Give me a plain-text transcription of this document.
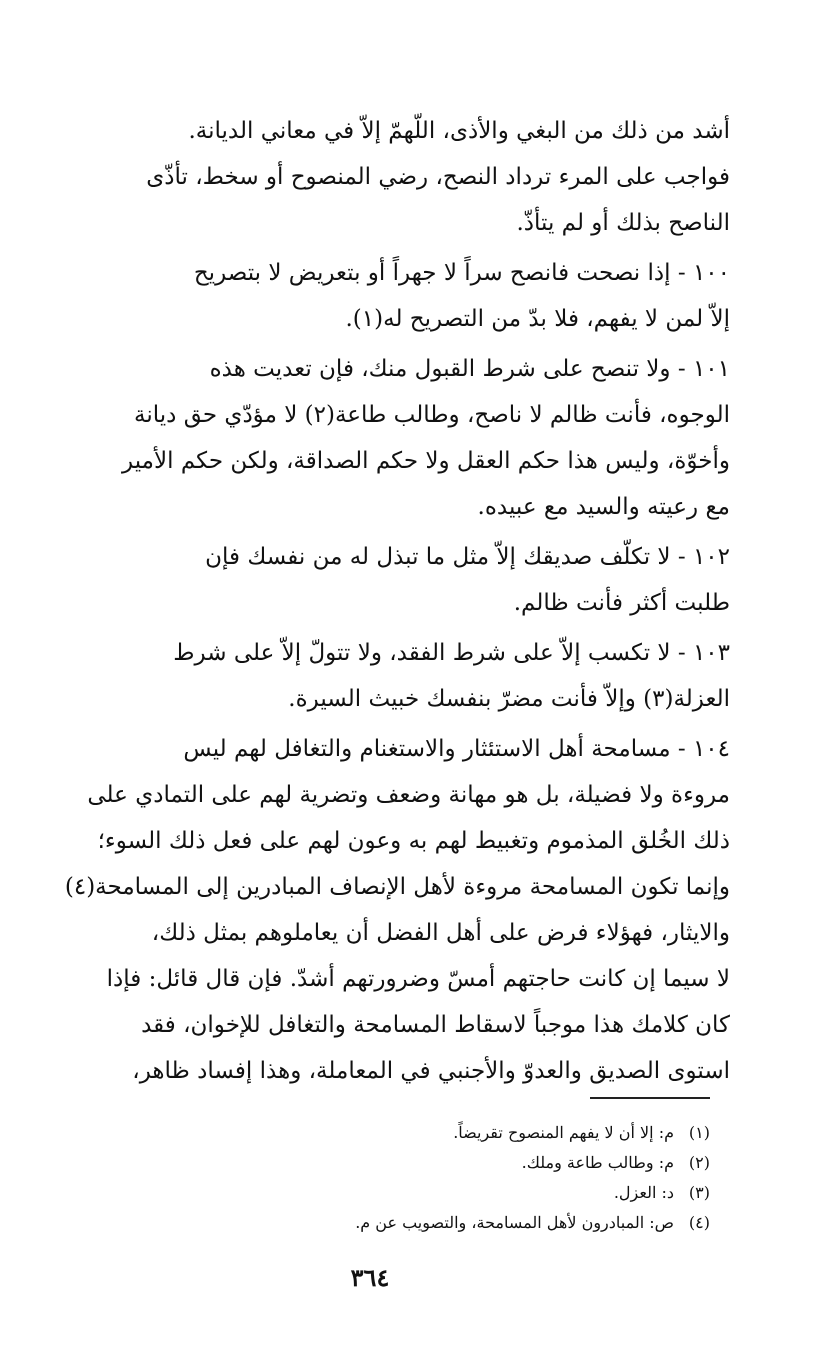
أشد من ذلك من البغي والأذى، اللّهمّ إلاّ في معاني الديانة.
فواجب على المرء ترداد النصح، رضي المنصوح أو سخط، تأذّى
الناصح بذلك أو لم يتأذّ.
١٠٠ - إذا نصحت فانصح سراً لا جهراً أو بتعريض لا بتصريح
إلاّ لمن لا يفهم، فلا بدّ من التصريح له(١).
١٠١ - ولا تنصح على شرط القبول منك، فإن تعديت هذه
الوجوه، فأنت ظالم لا ناصح، وطالب طاعة(٢) لا مؤدّي حق ديانة
وأخوّة، وليس هذا حكم العقل ولا حكم الصداقة، ولكن حكم الأمير
مع رعيته والسيد مع عبيده.
١٠٢ - لا تكلّف صديقك إلاّ مثل ما تبذل له من نفسك فإن
طلبت أكثر فأنت ظالم.
١٠٣ - لا تكسب إلاّ على شرط الفقد، ولا تتولّ إلاّ على شرط
العزلة(٣) وإلاّ فأنت مضرّ بنفسك خبيث السيرة.
١٠٤ - مسامحة أهل الاستئثار والاستغنام والتغافل لهم ليس
مروءة ولا فضيلة، بل هو مهانة وضعف وتضرية لهم على التمادي على
ذلك الخُلق المذموم وتغبيط لهم به وعون لهم على فعل ذلك السوء؛
وإنما تكون المسامحة مروءة لأهل الإنصاف المبادرين إلى المسامحة(٤)
والايثار، فهؤلاء فرض على أهل الفضل أن يعاملوهم بمثل ذلك،
لا سيما إن كانت حاجتهم أمسّ وضرورتهم أشدّ. فإن قال قائل: فإذا
كان كلامك هذا موجباً لاسقاط المسامحة والتغافل للإخوان، فقد
استوى الصديق والعدوّ والأجنبي في المعاملة، وهذا إفساد ظاهر،
(١)م: إلا أن لا يفهم المنصوح تقريضاً.
(٢)م: وطالب طاعة وملك.
(٣)د: العزل.
(٤)ص: المبادرون لأهل المسامحة، والتصويب عن م.
٣٦٤
